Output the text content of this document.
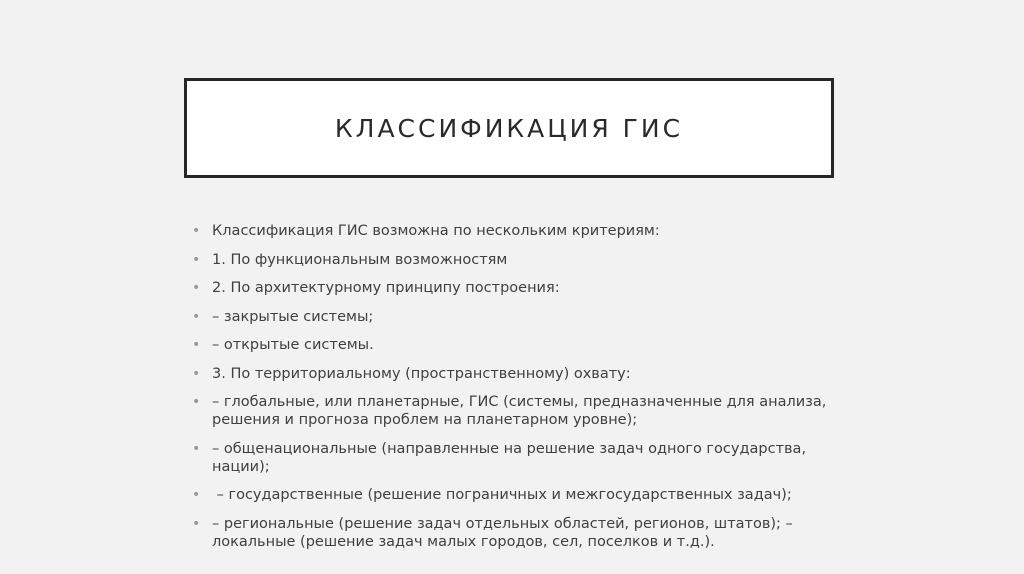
КЛАССИФИКАЦИЯ ГИС
• Классификация ГИС возможна по нескольким критериям:
• 1. По функциональным возможностям
• 2. По архитектурному принципу построения:
• – закрытые системы;
• – открытые системы.
• 3. По территориальному (пространственному) охвату:
• – глобальные, или планетарные, ГИС (системы, предназначенные для анализа, решения и прогноза проблем на планетарном уровне);
• – общенациональные (направленные на решение задач одного государства, нации);
• – государственные (решение пограничных и межгосударственных задач);
• – региональные (решение задач отдельных областей, регионов, штатов); – локальные (решение задач малых городов, сел, поселков и т.д.).
